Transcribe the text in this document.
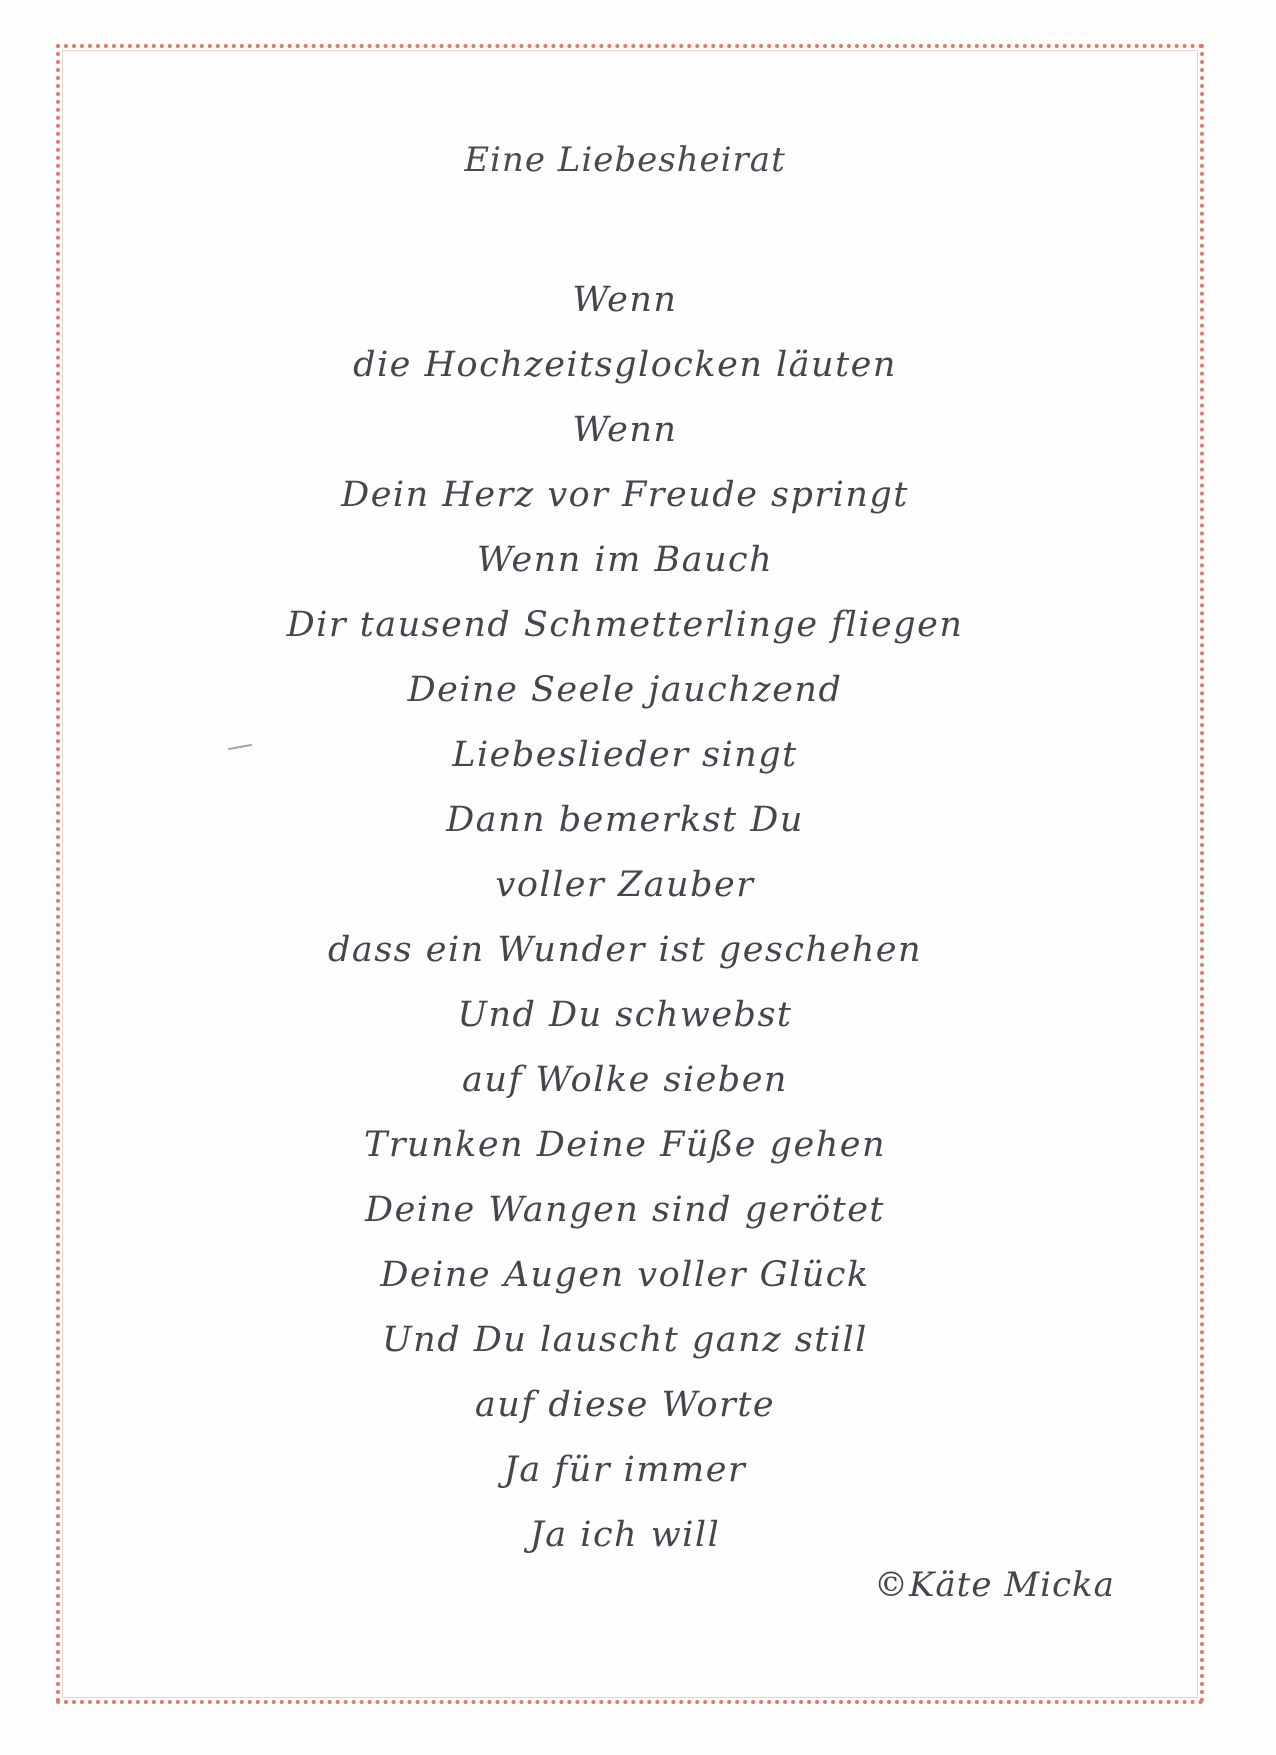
Eine Liebesheirat
Wenn
die Hochzeitsglocken läuten
Wenn
Dein Herz vor Freude springt
Wenn im Bauch
Dir tausend Schmetterlinge fliegen
Deine Seele jauchzend
Liebeslieder singt
Dann bemerkst Du
voller Zauber
dass ein Wunder ist geschehen
Und Du schwebst
auf Wolke sieben
Trunken Deine Füße gehen
Deine Wangen sind gerötet
Deine Augen voller Glück
Und Du lauscht ganz still
auf diese Worte
Ja für immer
Ja ich will
©Käte Micka
